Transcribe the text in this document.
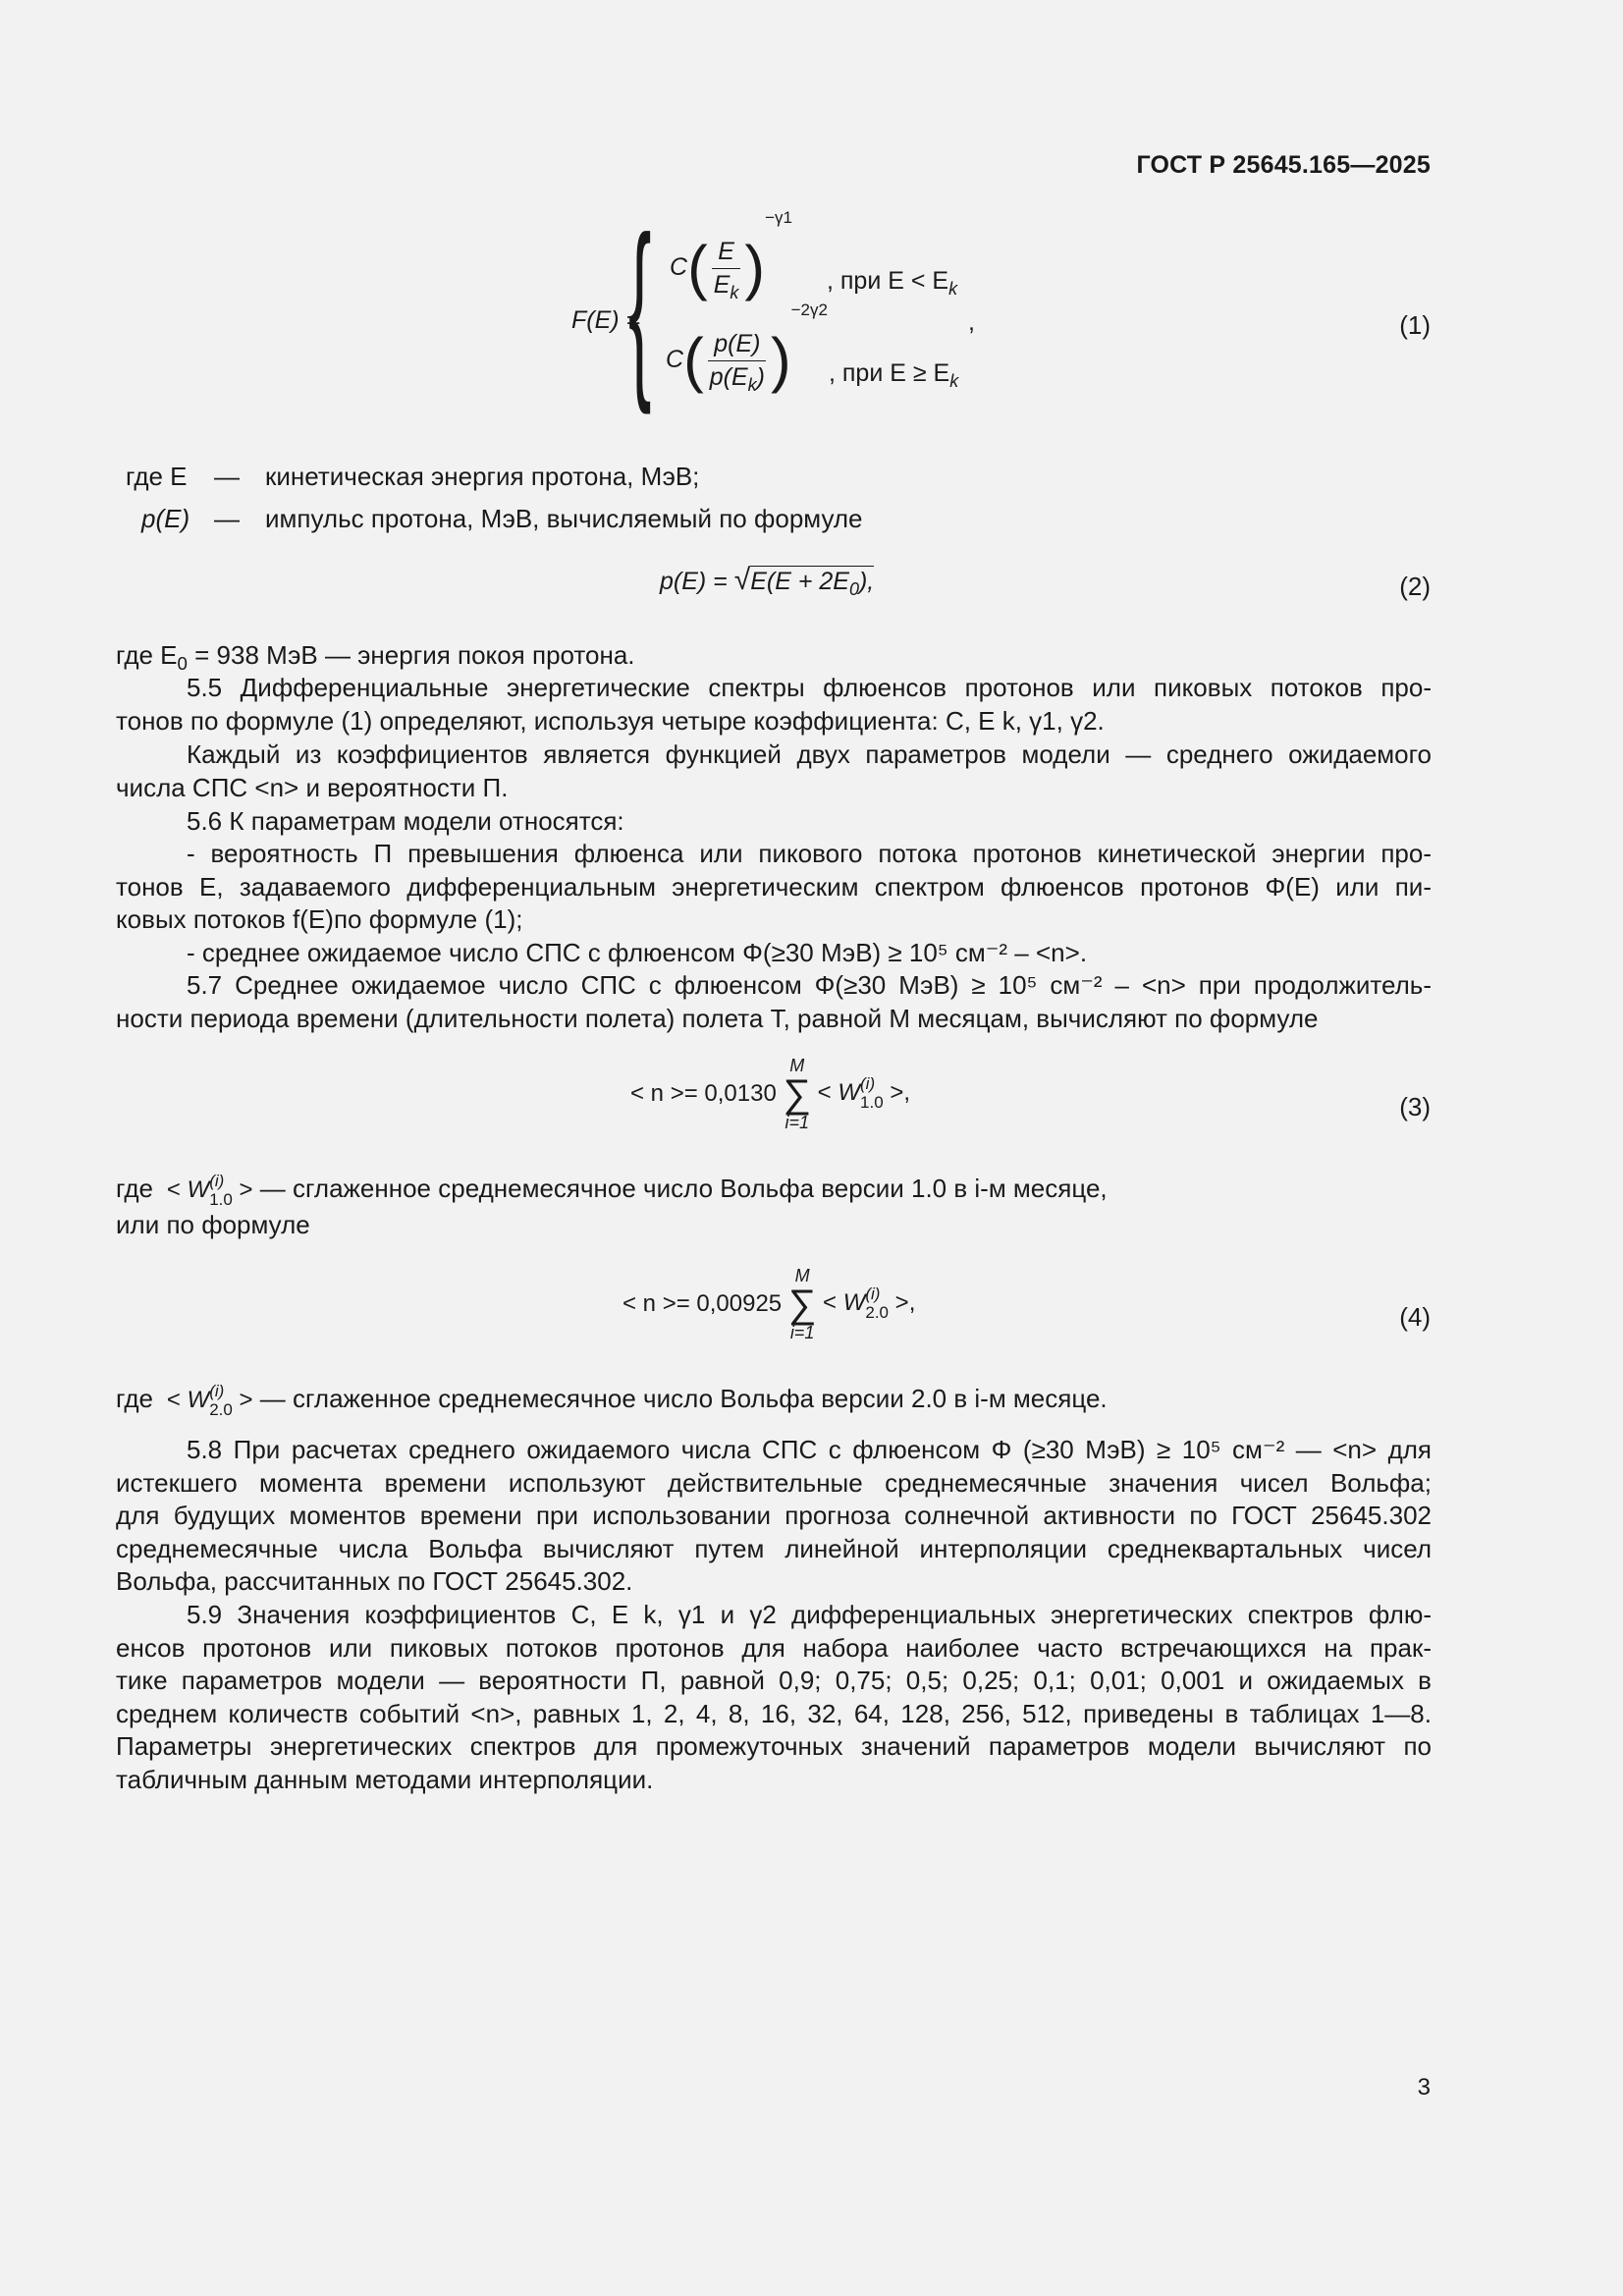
ГОСТ Р 25645.165—2025
F(E) =
{ $C( \frac{E}{E_k} )^{-\gamma 1}$
, при $E < E_k$
$C( \frac{p(E)}{p(E_k)} )^{-2\gamma 2}$
, при $E \ge E_k$
,	(1)
где E — кинетическая энергия протона, МэВ;
p(E) — импульс протона, МэВ, вычисляемый по формуле
$p(E) = √E(E + 2E_0)$,	(2)
где $E_0 = 938$ МэВ — энергия покоя протона.
5.5 Дифференциальные энергетические спектры флюенсов протонов или пиковых потоков про-
тонов по формуле (1) определяют, используя четыре коэффициента: C, E k, γ1, γ2.
Каждый из коэффициентов является функцией двух параметров модели — среднего ожидаемого
числа СПС <n> и вероятности П.
5.6 К параметрам модели относятся:
- вероятность П превышения флюенса или пикового потока протонов кинетической энергии про-
тонов E, задаваемого дифференциальным энергетическим спектром флюенсов протонов Φ(E) или пи-
ковых потоков f(E)по формуле (1);
- среднее ожидаемое число СПС с флюенсом Φ(≥30 МэВ) ≥ 10⁵ см⁻² – <n>.
5.7 Среднее ожидаемое число СПС с флюенсом Φ(≥30 МэВ) ≥ 10⁵ см⁻² – <n> при продолжитель-
ности периода времени (длительности полета) полета T, равной M месяцам, вычисляют по формуле
< n >= 0,0130
M
∑
i=1
< W (i)
1.0 >,	(3)
где  < W (i)
1.0 > — сглаженное среднемесячное число Вольфа версии 1.0 в i-м месяце,
или по формуле
< n >= 0,00925
M
∑
i=1
< W (i)
2.0 >,	(4)
где  < W (i)
2.0 > — сглаженное среднемесячное число Вольфа версии 2.0 в i-м месяце.
5.8 При расчетах среднего ожидаемого числа СПС с флюенсом Φ (≥30 МэВ) ≥ 10⁵ см⁻² — <n> для
истекшего момента времени используют действительные среднемесячные значения чисел Вольфа;
для будущих моментов времени при использовании прогноза солнечной активности по ГОСТ 25645.302
среднемесячные числа Вольфа вычисляют путем линейной интерполяции среднеквартальных чисел
Вольфа, рассчитанных по ГОСТ 25645.302.
5.9 Значения коэффициентов C, E k, γ1 и γ2 дифференциальных энергетических спектров флю-
енсов протонов или пиковых потоков протонов для набора наиболее часто встречающихся на прак-
тике параметров модели — вероятности П, равной 0,9; 0,75; 0,5; 0,25; 0,1; 0,01; 0,001 и ожидаемых в
среднем количеств событий <n>, равных 1, 2, 4, 8, 16, 32, 64, 128, 256, 512, приведены в таблицах 1—8.
Параметры энергетических спектров для промежуточных значений параметров модели вычисляют по
табличным данным методами интерполяции.
3
